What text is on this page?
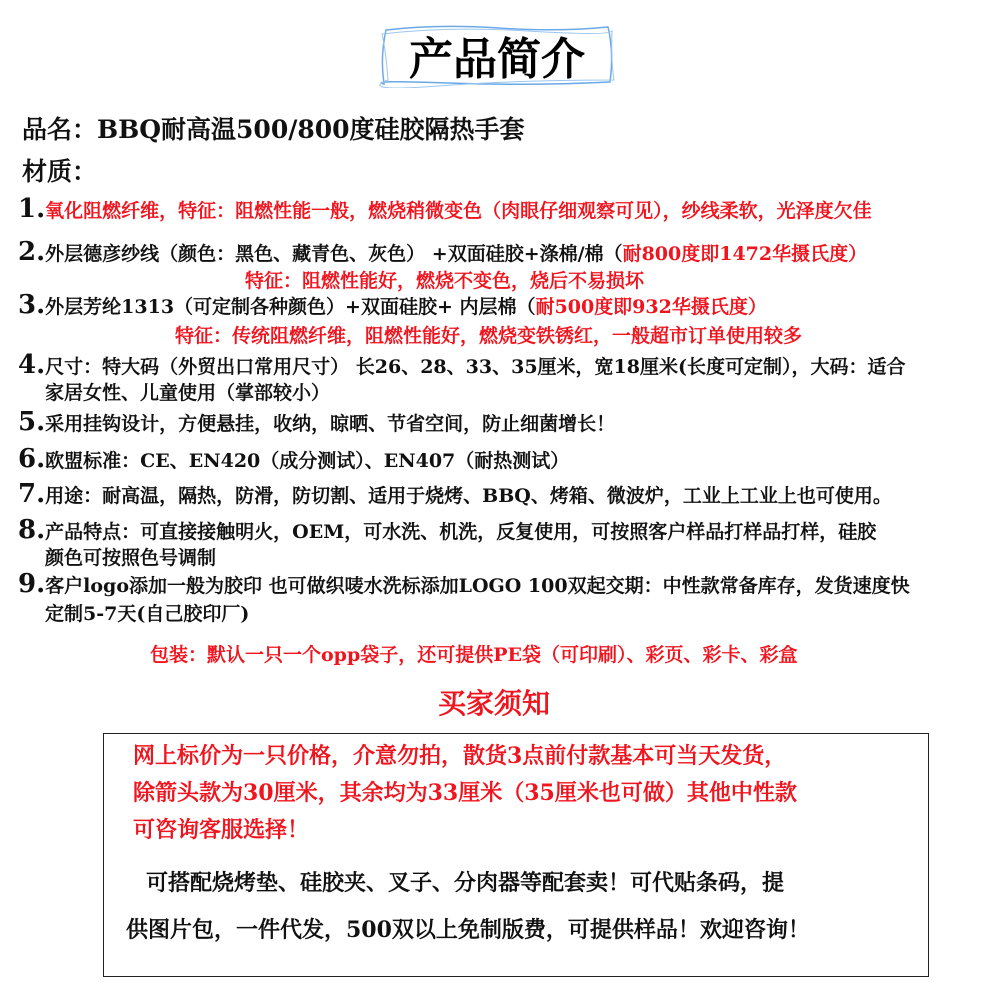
产品简介
品名：BBQ耐高温500/800度硅胶隔热手套
材质：
1.氧化阻燃纤维，特征：阻燃性能一般，燃烧稍微变色（肉眼仔细观察可见），纱线柔软，光泽度欠佳
2.外层德彦纱线（颜色：黑色、藏青色、灰色） +双面硅胶+涤棉/棉（耐800度即1472华摄氏度）
特征：阻燃性能好，燃烧不变色，烧后不易损坏
3.外层芳纶1313（可定制各种颜色）+双面硅胶+ 内层棉（耐500度即932华摄氏度）
特征：传统阻燃纤维，阻燃性能好，燃烧变铁锈红，一般超市订单使用较多
4.尺寸：特大码（外贸出口常用尺寸） 长26、28、33、35厘米，宽18厘米(长度可定制），大码：适合
家居女性、儿童使用（掌部较小）
5.采用挂钩设计，方便悬挂，收纳，晾晒、节省空间，防止细菌增长！
6.欧盟标准：CE、EN420（成分测试）、EN407（耐热测试）
7.用途：耐高温，隔热，防滑，防切割、适用于烧烤、BBQ、烤箱、微波炉，工业上工业上也可使用。
8.产品特点：可直接接触明火，OEM，可水洗、机洗，反复使用，可按照客户样品打样品打样，硅胶
颜色可按照色号调制
9.客户logo添加一般为胶印 也可做织唛水洗标添加LOGO 100双起交期：中性款常备库存，发货速度快
定制5-7天(自己胶印厂)
包装：默认一只一个opp袋子，还可提供PE袋（可印刷）、彩页、彩卡、彩盒
买家须知
网上标价为一只价格，介意勿拍，散货3点前付款基本可当天发货，
除箭头款为30厘米，其余均为33厘米（35厘米也可做）其他中性款
可咨询客服选择！
可搭配烧烤垫、硅胶夹、叉子、分肉器等配套卖！可代贴条码，提
供图片包，一件代发，500双以上免制版费，可提供样品！欢迎咨询！
